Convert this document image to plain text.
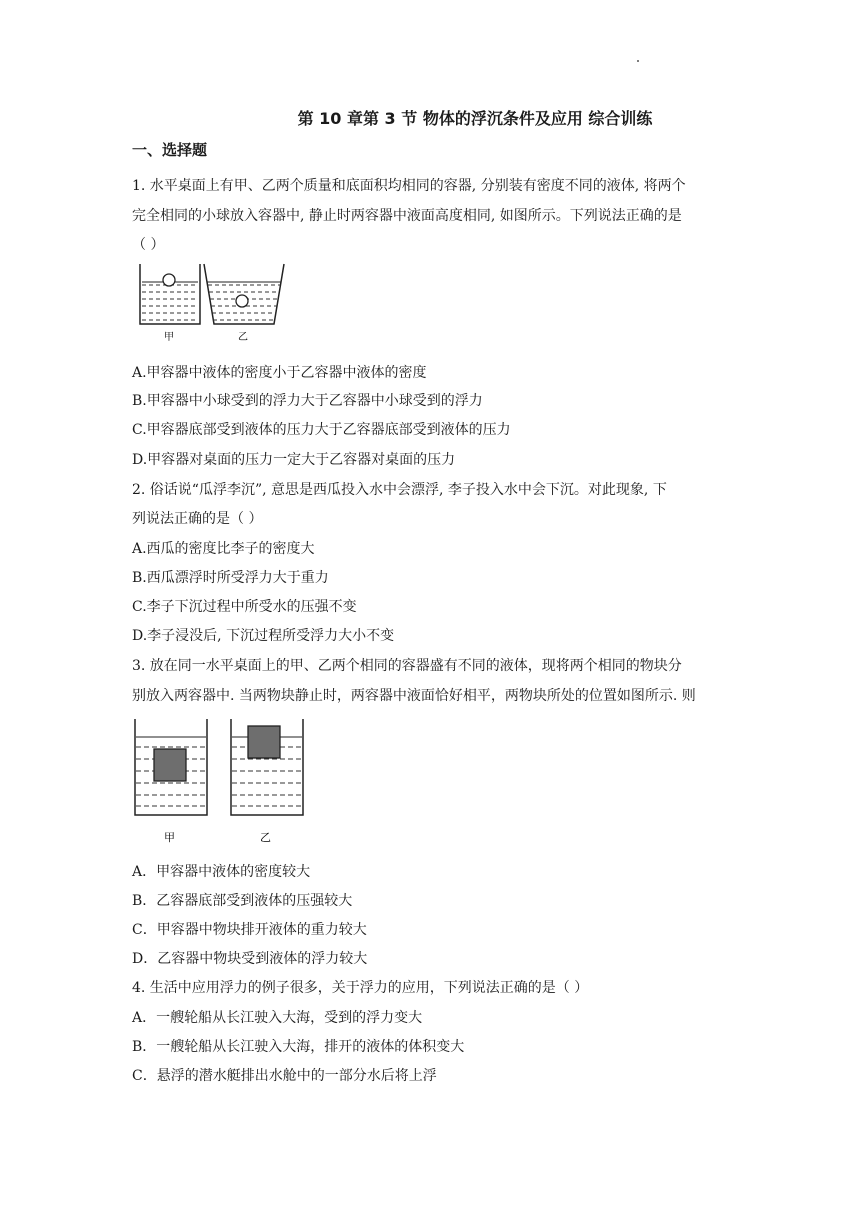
第 10 章第 3 节 物体的浮沉条件及应用 综合训练
一、选择题
1. 水平桌面上有甲、乙两个质量和底面积均相同的容器, 分别装有密度不同的液体, 将两个
完全相同的小球放入容器中, 静止时两容器中液面高度相同, 如图所示。下列说法正确的是
（ ）
甲	乙
A.甲容器中液体的密度小于乙容器中液体的密度
B.甲容器中小球受到的浮力大于乙容器中小球受到的浮力
C.甲容器底部受到液体的压力大于乙容器底部受到液体的压力
D.甲容器对桌面的压力一定大于乙容器对桌面的压力
2. 俗话说“瓜浮李沉”, 意思是西瓜投入水中会漂浮, 李子投入水中会下沉。对此现象, 下
列说法正确的是（ ）
A.西瓜的密度比李子的密度大
B.西瓜漂浮时所受浮力大于重力
C.李子下沉过程中所受水的压强不变
D.李子浸没后, 下沉过程所受浮力大小不变
3. 放在同一水平桌面上的甲、乙两个相同的容器盛有不同的液体，现将两个相同的物块分
别放入两容器中. 当两物块静止时，两容器中液面恰好相平，两物块所处的位置如图所示. 则
甲	乙
A．甲容器中液体的密度较大
B．乙容器底部受到液体的压强较大
C．甲容器中物块排开液体的重力较大
D．乙容器中物块受到液体的浮力较大
4. 生活中应用浮力的例子很多，关于浮力的应用，下列说法正确的是（ ）
A．一艘轮船从长江驶入大海，受到的浮力变大
B．一艘轮船从长江驶入大海，排开的液体的体积变大
C．悬浮的潜水艇排出水舱中的一部分水后将上浮
